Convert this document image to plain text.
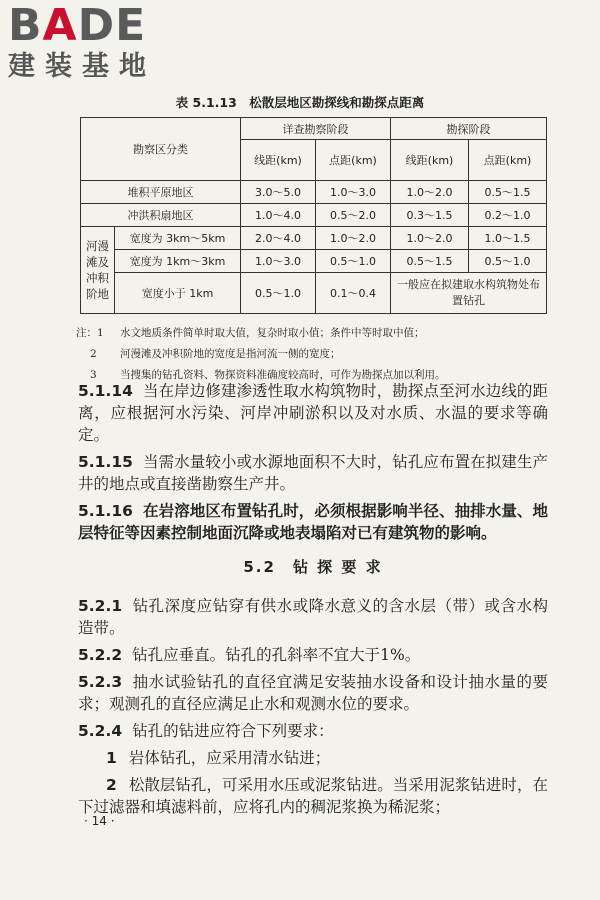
BADE
建装基地
表 5.1.13　松散层地区勘探线和勘探点距离
勘察区分类		详查勘察阶段		勘探阶段	
		线距(km)	点距(km)	线距(km)	点距(km)
堆积平原地区		3.0～5.0	1.0～3.0	1.0～2.0	0.5～1.5
冲洪积扇地区		1.0～4.0	0.5～2.0	0.3～1.5	0.2～1.0
河漫滩及冲积阶地	宽度为 3km～5km	2.0～4.0	1.0～2.0	1.0～2.0	1.0～1.5
	宽度为 1km～3km	1.0～3.0	0.5～1.0	0.5～1.5	0.5～1.0
	宽度小于 1km	0.5～1.0	0.1～0.4	一般应在拟建取水构筑物处布置钻孔	
注：1 水文地质条件简单时取大值，复杂时取小值；条件中等时取中值；
2 河漫滩及冲积阶地的宽度是指河流一侧的宽度；
3 当搜集的钻孔资料、物探资料准确度较高时，可作为勘探点加以利用。

5.1.14 当在岸边修建渗透性取水构筑物时，勘探点至河水边线的距离，应根据河水污染、河岸冲刷淤积以及对水质、水温的要求等确定。

5.1.15 当需水量较小或水源地面积不大时，钻孔应布置在拟建生产井的地点或直接凿勘察生产井。

5.1.16 在岩溶地区布置钻孔时，必须根据影响半径、抽排水量、地层特征等因素控制地面沉降或地表塌陷对已有建筑物的影响。

5.2　钻 探 要 求

5.2.1 钻孔深度应钻穿有供水或降水意义的含水层（带）或含水构造带。

5.2.2 钻孔应垂直。钻孔的孔斜率不宜大于1%。

5.2.3 抽水试验钻孔的直径宜满足安装抽水设备和设计抽水量的要求；观测孔的直径应满足止水和观测水位的要求。

5.2.4 钻孔的钻进应符合下列要求：

1 岩体钻孔，应采用清水钻进；

2 松散层钻孔，可采用水压或泥浆钻进。当采用泥浆钻进时，在下过滤器和填滤料前，应将孔内的稠泥浆换为稀泥浆；

· 14 ·
